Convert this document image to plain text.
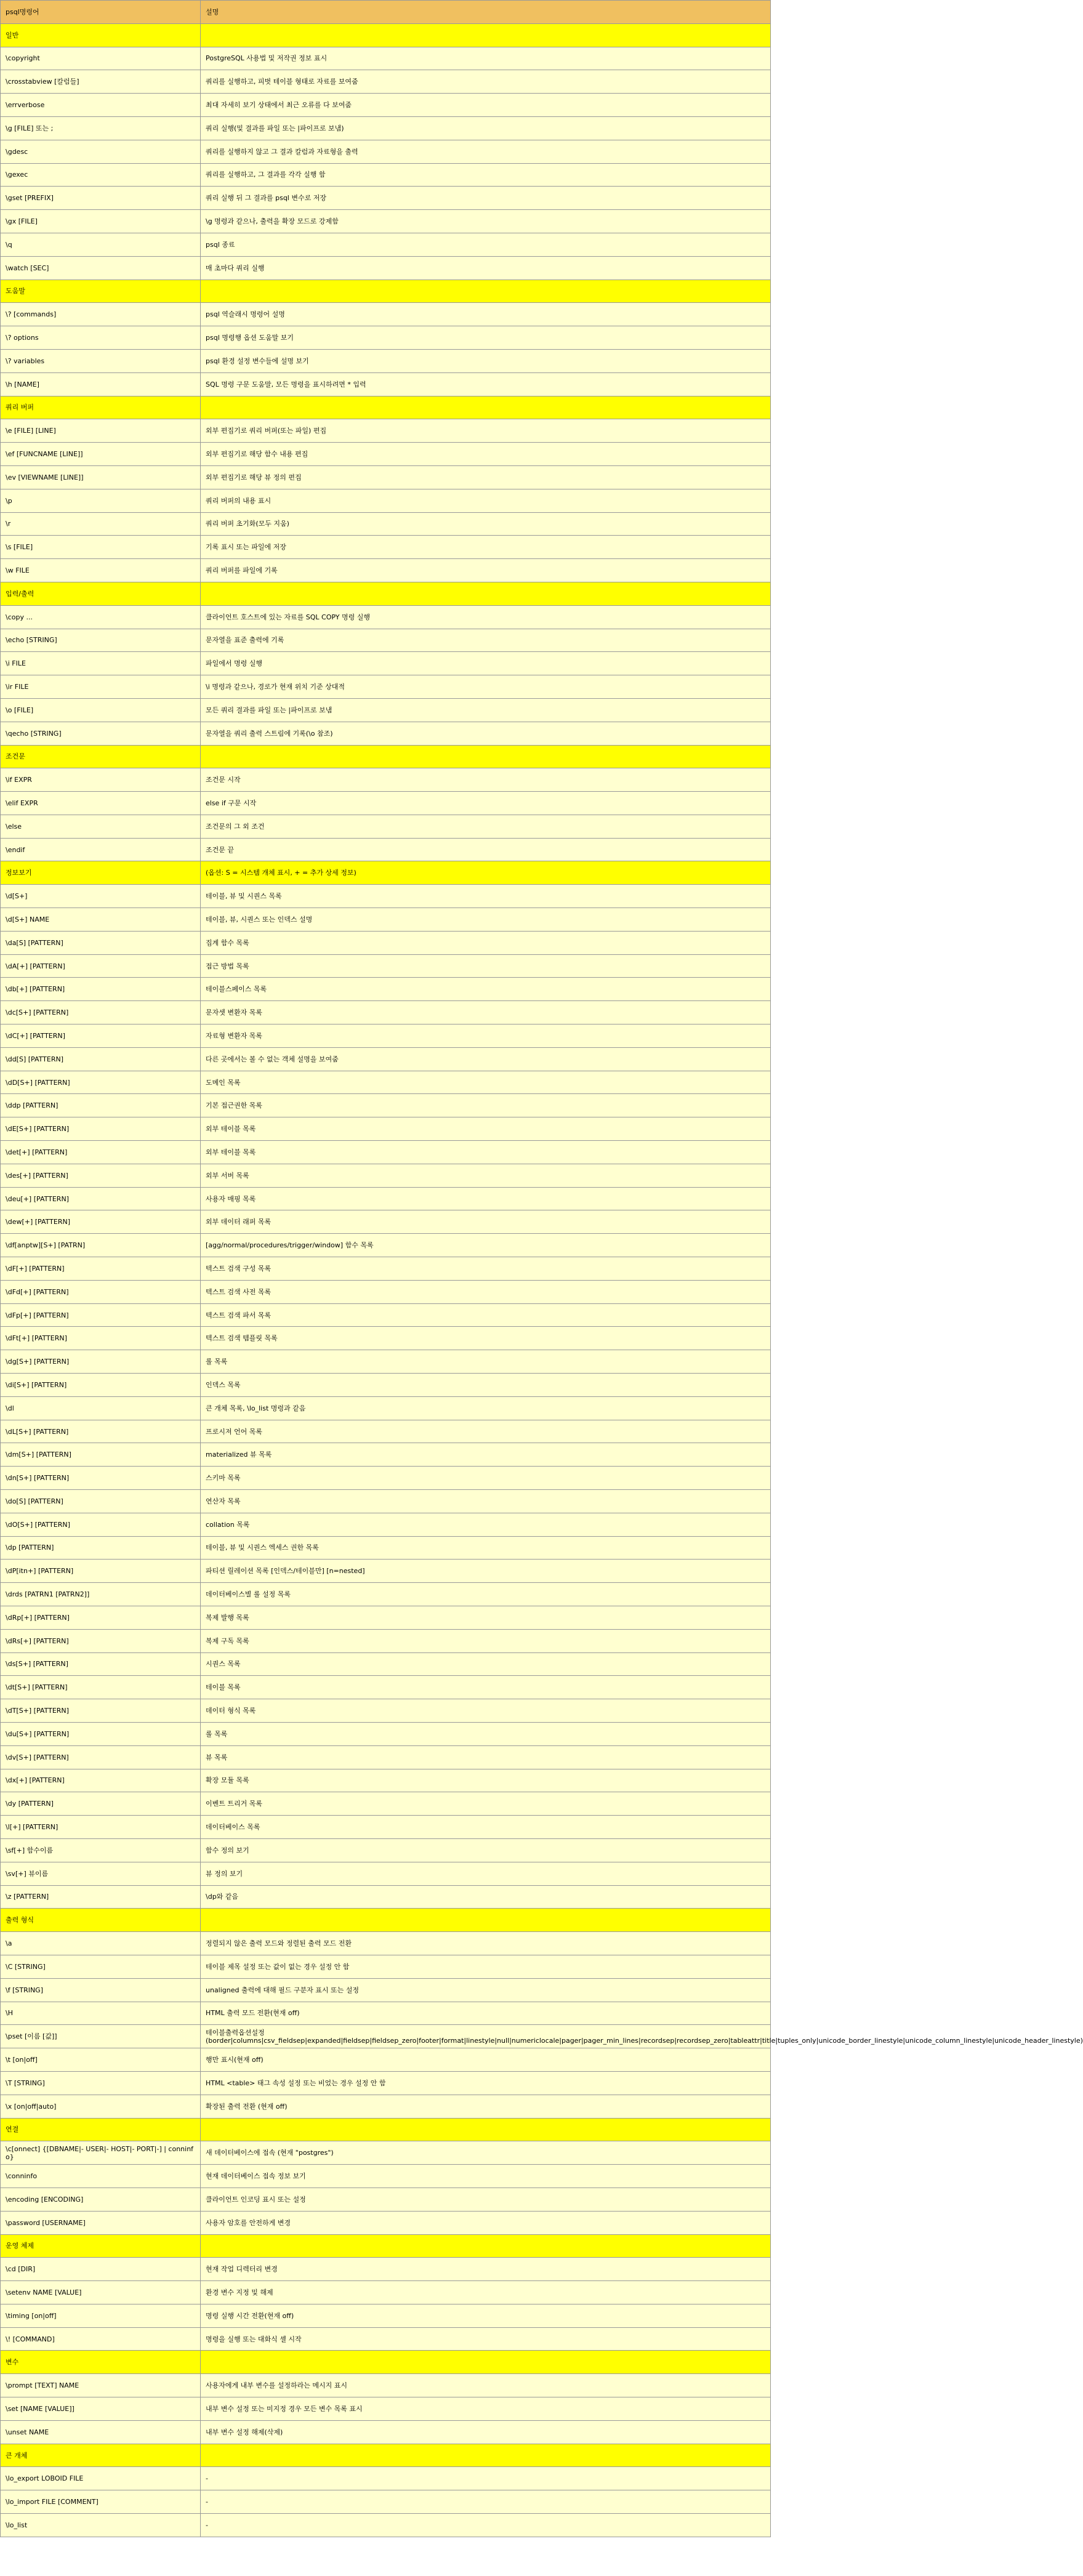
psql명령어	설명
일반	
\copyright	PostgreSQL 사용법 및 저작권 정보 표시
\crosstabview [칼럼들]	쿼리를 실행하고, 피벗 테이블 형태로 자료를 보여줌
\errverbose	최대 자세히 보기 상태에서 최근 오류를 다 보여줌
\g [FILE] 또는 ;	쿼리 실행(및 결과를 파일 또는 |파이프로 보냄)
\gdesc	쿼리를 실행하지 않고 그 결과 칼럼과 자료형을 출력
\gexec	쿼리를 실행하고, 그 결과를 각각 실행 함
\gset [PREFIX]	쿼리 실행 뒤 그 결과를 psql 변수로 저장
\gx [FILE]	\g 명령과 같으나, 출력을 확장 모드로 강제함
\q	psql 종료
\watch [SEC]	매 초마다 쿼리 실행
도움말	
\? [commands]	psql 역슬래시 명령어 설명
\? options	psql 명령행 옵션 도움말 보기
\? variables	psql 환경 설정 변수들에 설명 보기
\h [NAME]	SQL 명령 구문 도움말, 모든 명령을 표시하려면 * 입력
쿼리 버퍼	
\e [FILE] [LINE]	외부 편집기로 쿼리 버퍼(또는 파일) 편집
\ef [FUNCNAME [LINE]]	외부 편집기로 해당 함수 내용 편집
\ev [VIEWNAME [LINE]]	외부 편집기로 해당 뷰 정의 편집
\p	쿼리 버퍼의 내용 표시
\r	쿼리 버퍼 초기화(모두 지움)
\s [FILE]	기록 표시 또는 파일에 저장
\w FILE	쿼리 버퍼를 파일에 기록
입력/출력	
\copy ...	클라이언트 호스트에 있는 자료를 SQL COPY 명령 실행
\echo [STRING]	문자열을 표준 출력에 기록
\i FILE	파일에서 명령 실행
\ir FILE	\i 명령과 같으나, 경로가 현재 위치 기준 상대적
\o [FILE]	모든 쿼리 결과를 파일 또는 |파이프로 보냄
\qecho [STRING]	문자열을 쿼리 출력 스트림에 기록(\o 참조)
조건문	
\if EXPR	조건문 시작
\elif EXPR	else if 구문 시작
\else	조건문의 그 외 조건
\endif	조건문 끝
정보보기	(옵션: S = 시스템 개체 표시, + = 추가 상세 정보)
\d[S+]	테이블, 뷰 및 시퀀스 목록
\d[S+] NAME	테이블, 뷰, 시퀀스 또는 인덱스 설명
\da[S] [PATTERN]	집계 함수 목록
\dA[+] [PATTERN]	접근 방법 목록
\db[+] [PATTERN]	테이블스페이스 목록
\dc[S+] [PATTERN]	문자셋 변환자 목록
\dC[+] [PATTERN]	자료형 변환자 목록
\dd[S] [PATTERN]	다른 곳에서는 볼 수 없는 객체 설명을 보여줌
\dD[S+] [PATTERN]	도메인 목록
\ddp [PATTERN]	기본 접근권한 목록
\dE[S+] [PATTERN]	외부 테이블 목록
\det[+] [PATTERN]	외부 테이블 목록
\des[+] [PATTERN]	외부 서버 목록
\deu[+] [PATTERN]	사용자 매핑 목록
\dew[+] [PATTERN]	외부 데이터 래퍼 목록
\df[anptw][S+] [PATRN]	[agg/normal/procedures/trigger/window] 함수 목록
\dF[+] [PATTERN]	텍스트 검색 구성 목록
\dFd[+] [PATTERN]	텍스트 검색 사전 목록
\dFp[+] [PATTERN]	텍스트 검색 파서 목록
\dFt[+] [PATTERN]	텍스트 검색 템플릿 목록
\dg[S+] [PATTERN]	롤 목록
\di[S+] [PATTERN]	인덱스 목록
\dl	큰 개체 목록, \lo_list 명령과 같음
\dL[S+] [PATTERN]	프로시져 언어 목록
\dm[S+] [PATTERN]	materialized 뷰 목록
\dn[S+] [PATTERN]	스키마 목록
\do[S] [PATTERN]	연산자 목록
\dO[S+] [PATTERN]	collation 목록
\dp [PATTERN]	테이블, 뷰 및 시퀀스 엑세스 권한 목록
\dP[itn+] [PATTERN]	파티션 릴레이션 목록 [인덱스/테이블만] [n=nested]
\drds [PATRN1 [PATRN2]]	데이터베이스별 롤 설정 목록
\dRp[+] [PATTERN]	복제 발행 목록
\dRs[+] [PATTERN]	복제 구독 목록
\ds[S+] [PATTERN]	시퀀스 목록
\dt[S+] [PATTERN]	테이블 목록
\dT[S+] [PATTERN]	데이터 형식 목록
\du[S+] [PATTERN]	롤 목록
\dv[S+] [PATTERN]	뷰 목록
\dx[+] [PATTERN]	확장 모듈 목록
\dy [PATTERN]	이벤트 트리거 목록
\l[+] [PATTERN]	데이터베이스 목록
\sf[+] 함수이름	함수 정의 보기
\sv[+] 뷰이름	뷰 정의 보기
\z [PATTERN]	\dp와 같음
출력 형식	
\a	정렬되지 않은 출력 모드와 정렬된 출력 모드 전환
\C [STRING]	테이블 제목 설정 또는 값이 없는 경우 설정 안 함
\f [STRING]	unaligned 출력에 대해 필드 구분자 표시 또는 설정
\H	HTML 출력 모드 전환(현재 off)
\pset [이름 [값]]	테이블출력옵션설정
(border|columns|csv_fieldsep|expanded|fieldsep|fieldsep_zero|footer|format|linestyle|null|numericlocale|pager|pager_min_lines|recordsep|recordsep_zero|tableattr|title|tuples_only|unicode_border_linestyle|unicode_column_linestyle|unicode_header_linestyle)

\t [on|off]	행만 표시(현재 off)
\T [STRING]	HTML <table> 태그 속성 설정 또는 비었는 경우 설정 안 함
\x [on|off|auto]	확장된 출력 전환 (현재 off)
연결	
\c[onnect] {[DBNAME|- USER|- HOST|- PORT|-] | conninfo}	새 데이터베이스에 접속 (현재 "postgres")
\conninfo	현재 데이터베이스 접속 정보 보기
\encoding [ENCODING]	클라이언트 인코딩 표시 또는 설정
\password [USERNAME]	사용자 암호를 안전하게 변경
운영 체제	
\cd [DIR]	현재 작업 디렉터리 변경
\setenv NAME [VALUE]	환경 변수 지정 및 해제
\timing [on|off]	명령 실행 시간 전환(현재 off)
\! [COMMAND]	명령을 실행 또는 대화식 셸 시작
변수	
\prompt [TEXT] NAME	사용자에게 내부 변수를 설정하라는 메시지 표시
\set [NAME [VALUE]]	내부 변수 설정 또는 미지정 경우 모든 변수 목록 표시
\unset NAME	내부 변수 설정 해제(삭제)
큰 개체	
\lo_export LOBOID FILE	-
\lo_import FILE [COMMENT]	-
\lo_list	-
